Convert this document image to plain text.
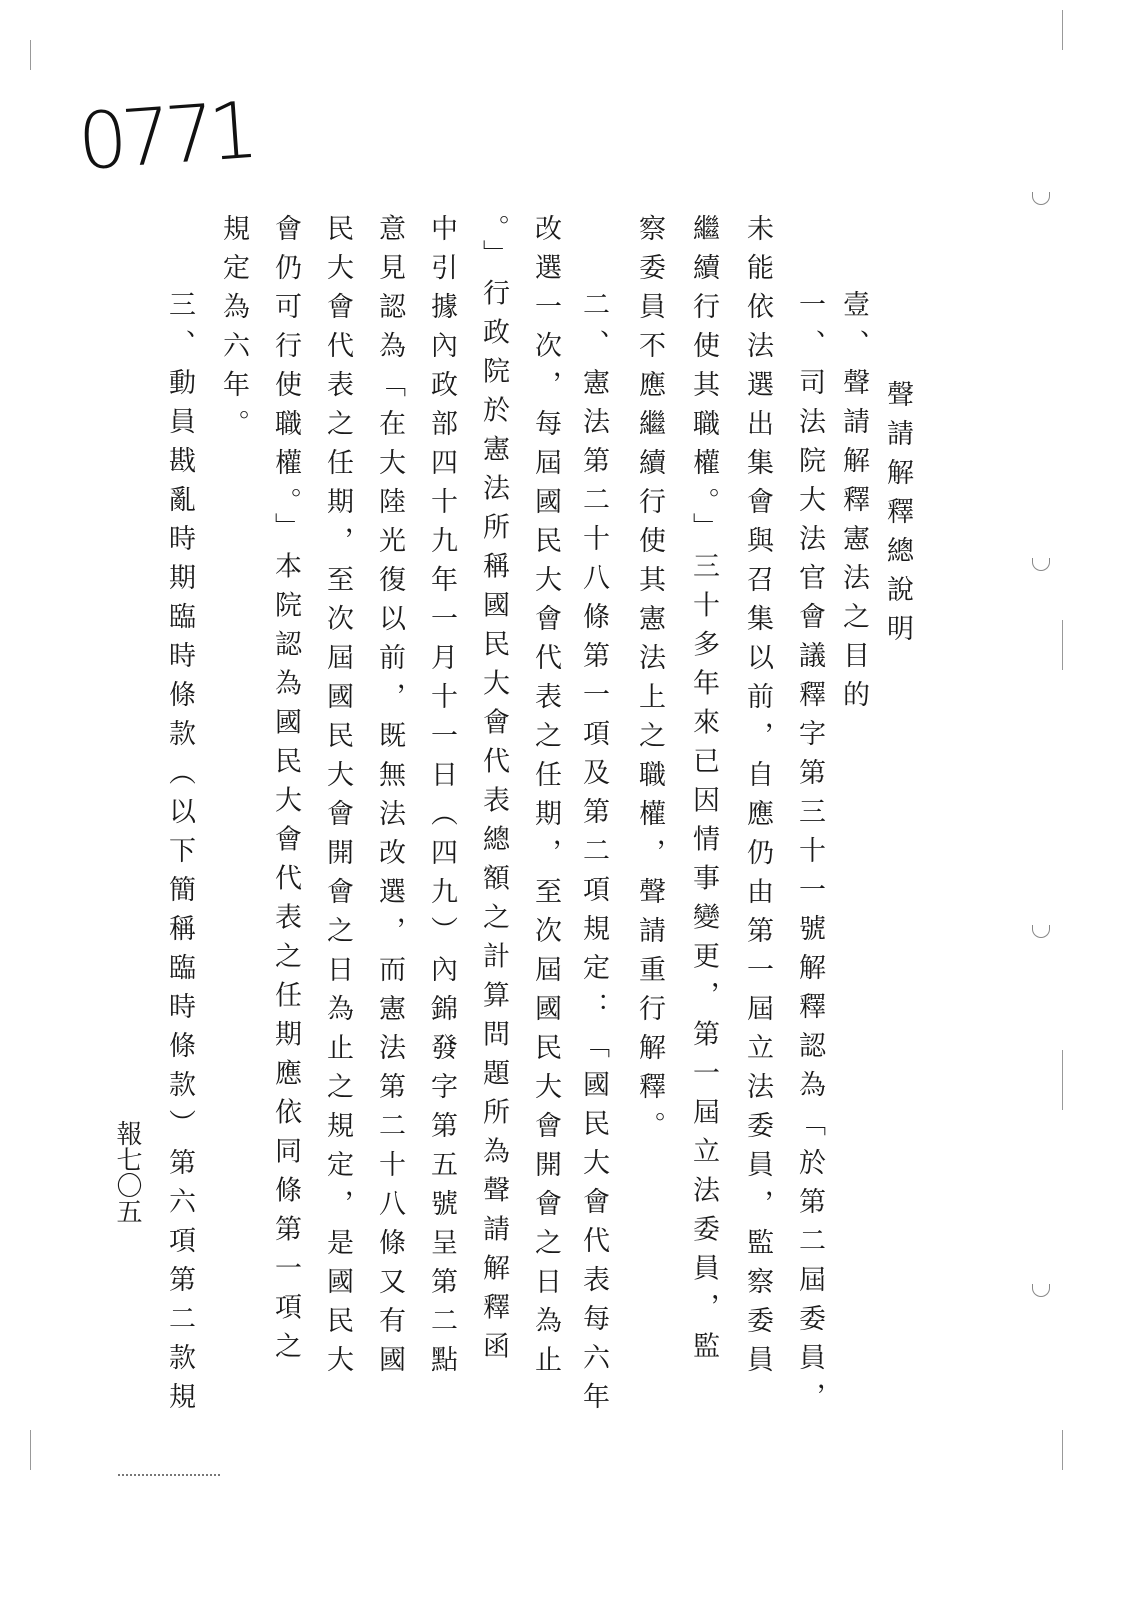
0771
聲請解釋總說明
壹、聲請解釋憲法之目的
一、司法院大法官會議釋字第三十一號解釋認為「於第二屆委員，
未能依法選出集會與召集以前，自應仍由第一屆立法委員，監察委員
繼續行使其職權。」三十多年來已因情事變更，第一屆立法委員，監
察委員不應繼續行使其憲法上之職權，聲請重行解釋。
二、憲法第二十八條第一項及第二項規定：「國民大會代表每六年
改選一次，每屆國民大會代表之任期，至次屆國民大會開會之日為止
。」行政院於憲法所稱國民大會代表總額之計算問題所為聲請解釋函
中引據內政部四十九年一月十一日（四九）內錦發字第五號呈第二點
意見認為「在大陸光復以前，既無法改選，而憲法第二十八條又有國
民大會代表之任期，至次屆國民大會開會之日為止之規定，是國民大
會仍可行使職權。」本院認為國民大會代表之任期應依同條第一項之
規定為六年。
三、動員戡亂時期臨時條款（以下簡稱臨時條款）第六項第二款規
報七〇五
